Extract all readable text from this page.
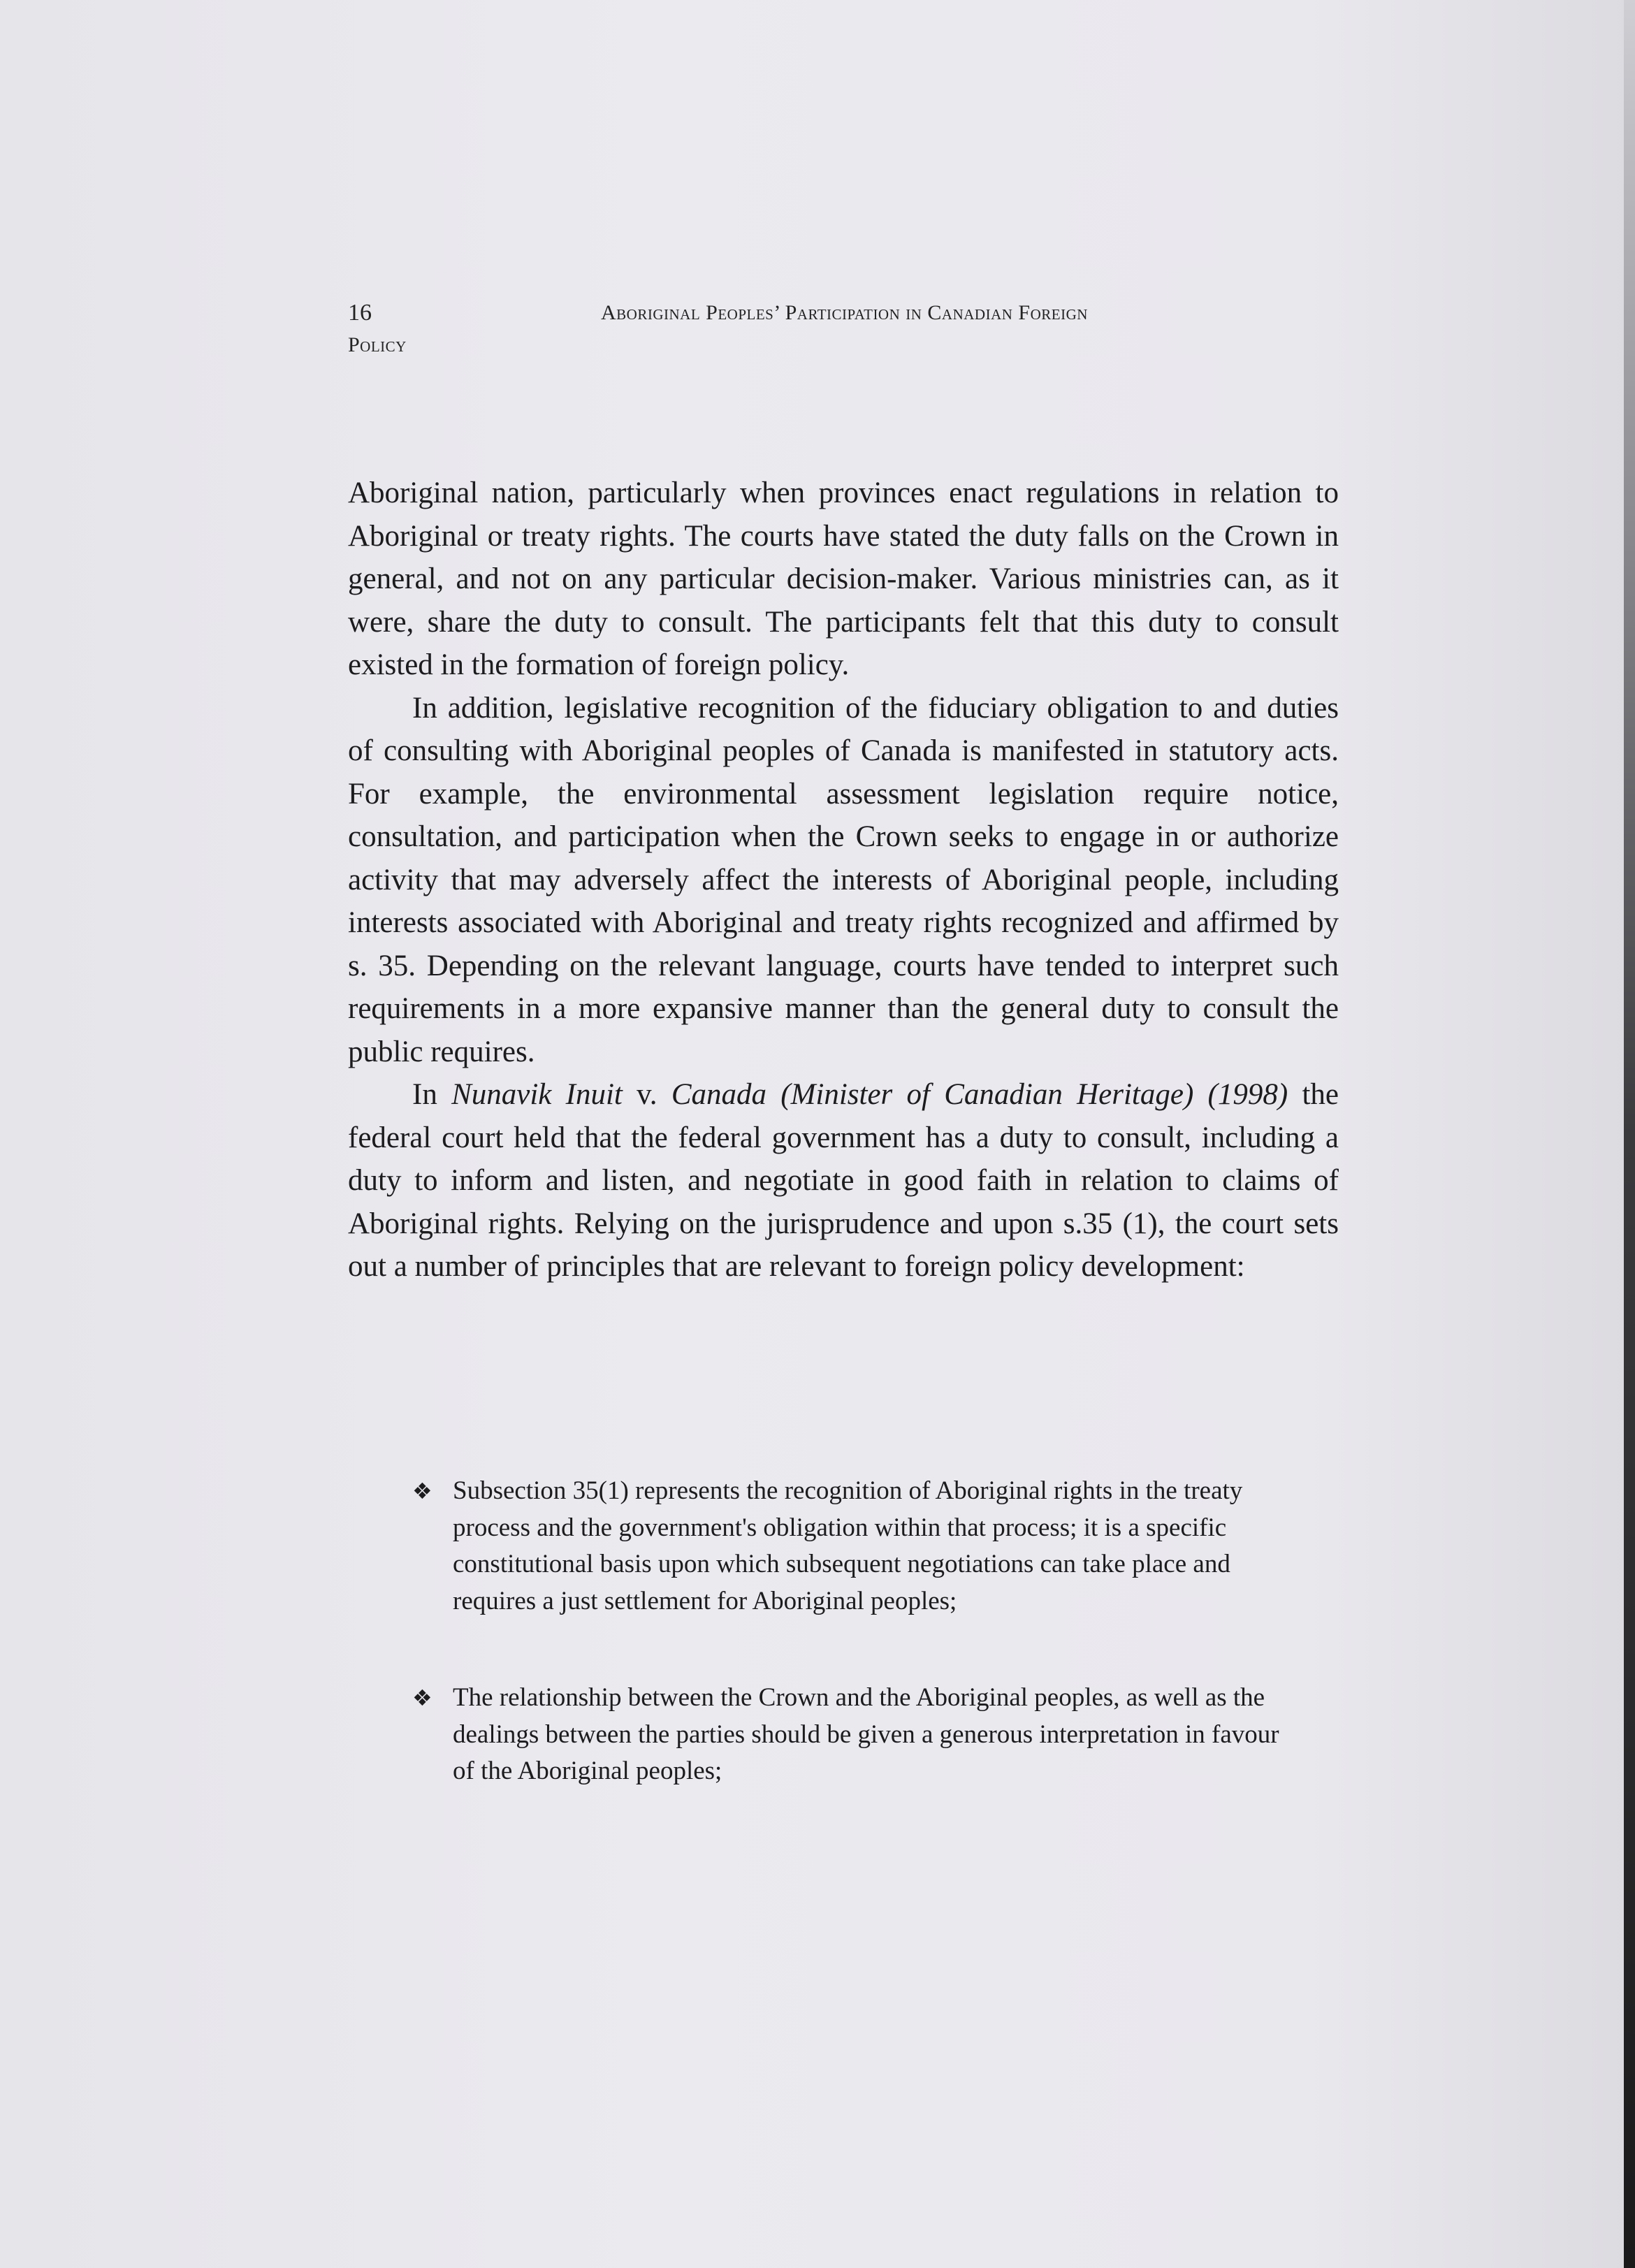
16	Aboriginal Peoples’ Participation in Canadian Foreign
Policy

Aboriginal nation, particularly when provinces enact regulations in relation to Aboriginal or treaty rights. The courts have stated the duty falls on the Crown in general, and not on any particular decision-maker. Various ministries can, as it were, share the duty to consult. The participants felt that this duty to consult existed in the formation of foreign policy.

In addition, legislative recognition of the fiduciary obligation to and duties of consulting with Aboriginal peoples of Canada is manifested in statutory acts. For example, the environmental assessment legislation require notice, consultation, and participation when the Crown seeks to engage in or authorize activity that may adversely affect the interests of Aboriginal people, including interests associated with Aboriginal and treaty rights recognized and affirmed by s. 35. Depending on the relevant language, courts have tended to interpret such requirements in a more expansive manner than the general duty to consult the public requires.

In Nunavik Inuit v. Canada (Minister of Canadian Heritage) (1998) the federal court held that the federal government has a duty to consult, including a duty to inform and listen, and negotiate in good faith in relation to claims of Aboriginal rights. Relying on the jurisprudence and upon s.35 (1), the court sets out a number of principles that are relevant to foreign policy development:

❖ Subsection 35(1) represents the recognition of Aboriginal rights in the treaty process and the government's obligation within that process; it is a specific constitutional basis upon which subsequent negotiations can take place and requires a just settlement for Aboriginal peoples;
❖ The relationship between the Crown and the Aboriginal peoples, as well as the dealings between the parties should be given a generous interpretation in favour of the Aboriginal peoples;
